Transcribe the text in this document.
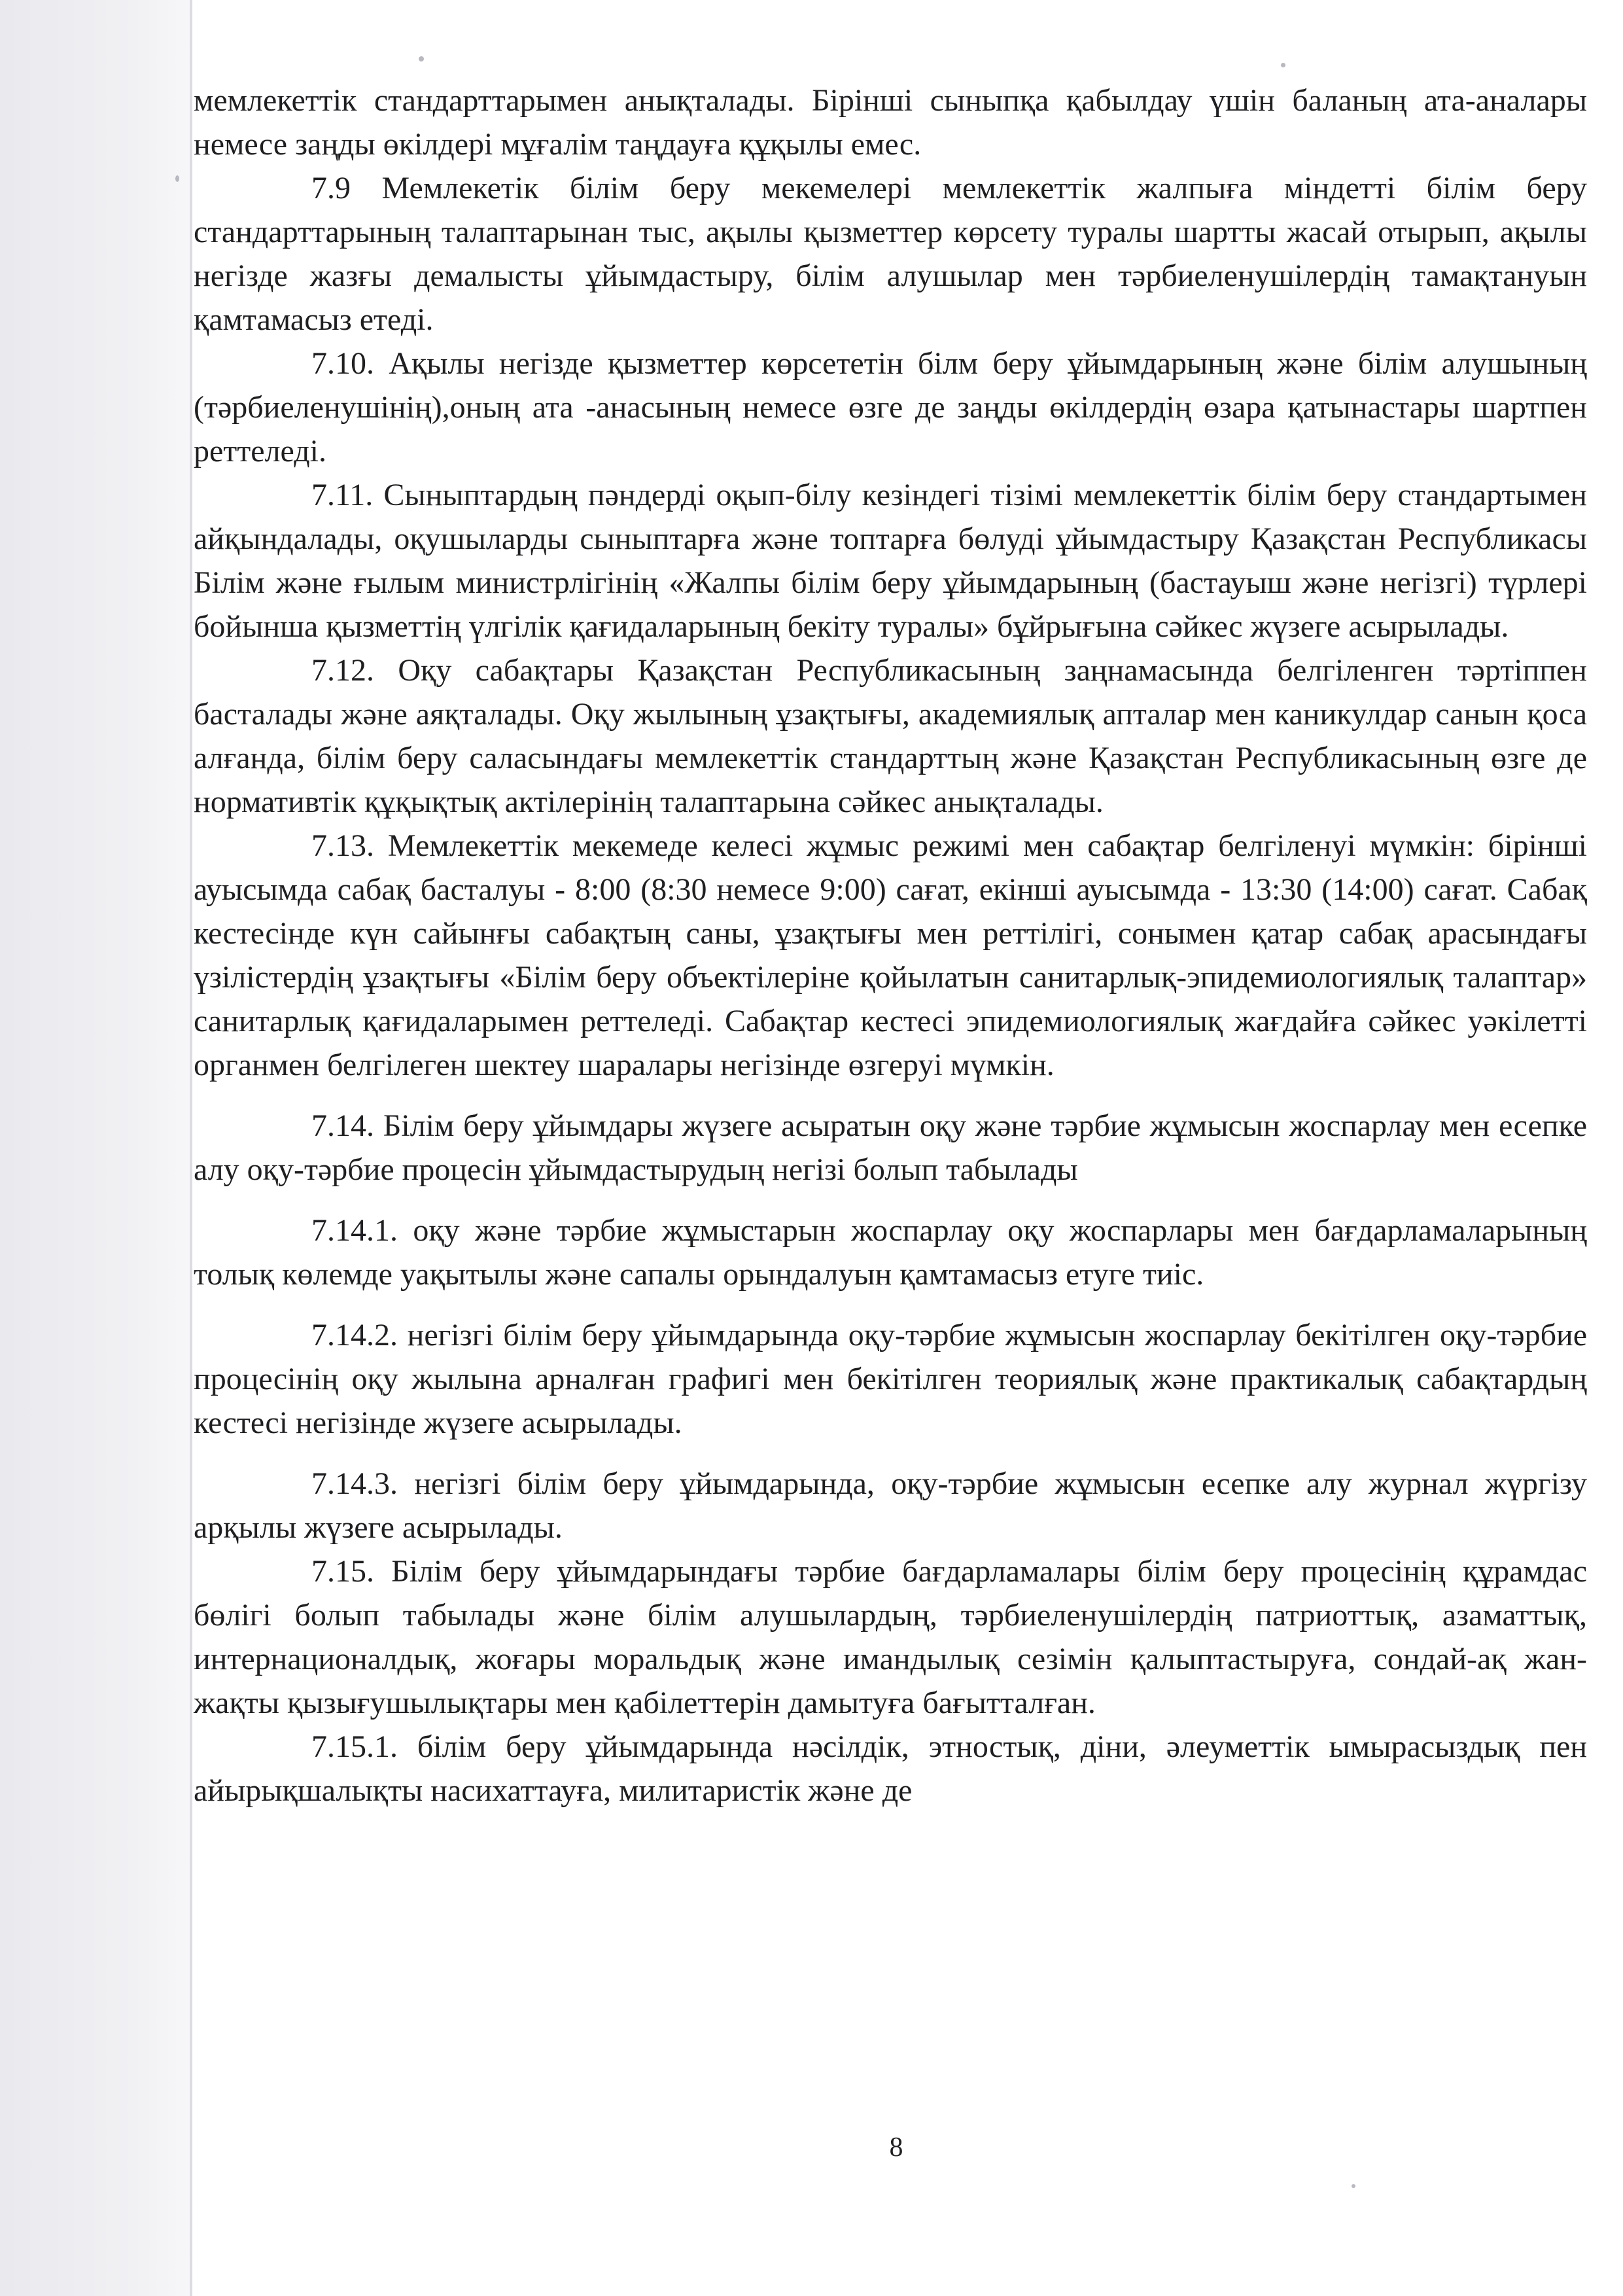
мемлекеттік стандарттарымен анықталады. Бірінші сыныпқа қабылдау үшін баланың ата-аналары немесе заңды өкілдері мұғалім таңдауға құқылы емес.

7.9 Мемлекетік білім беру мекемелері мемлекеттік жалпыға міндетті білім беру стандарттарының талаптарынан тыс, ақылы қызметтер көрсету туралы шартты жасай отырып, ақылы негізде жазғы демалысты ұйымдастыру, білім алушылар мен тәрбиеленушілердің тамақтануын қамтамасыз етеді.

7.10. Ақылы негізде қызметтер көрсететін білм беру ұйымдарының және білім алушының (тәрбиеленушінің),оның ата -анасының немесе өзге де заңды өкілдердің өзара қатынастары шартпен реттеледі.

7.11. Сыныптардың пәндерді оқып-білу кезіндегі тізімі мемлекеттік білім беру стандартымен айқындалады, оқушыларды сыныптарға және топтарға бөлуді ұйымдастыру Қазақстан Республикасы Білім және ғылым министрлігінің «Жалпы білім беру ұйымдарының (бастауыш және негізгі) түрлері бойынша қызметтің үлгілік қағидаларының бекіту туралы» бұйрығына сәйкес жүзеге асырылады.

7.12. Оқу сабақтары Қазақстан Республикасының заңнамасында белгіленген тәртіппен басталады және аяқталады. Оқу жылының ұзақтығы, академиялық апталар мен каникулдар санын қоса алғанда, білім беру саласындағы мемлекеттік стандарттың және Қазақстан Республикасының өзге де нормативтік құқықтық актілерінің талаптарына сәйкес анықталады.

7.13. Мемлекеттік мекемеде келесі жұмыс режимі мен сабақтар белгіленуі мүмкін: бірінші ауысымда сабақ басталуы - 8:00 (8:30 немесе 9:00) сағат, екінші ауысымда - 13:30 (14:00) сағат. Сабақ кестесінде күн сайынғы сабақтың саны, ұзақтығы мен реттілігі, сонымен қатар сабақ арасындағы үзілістердің ұзақтығы «Білім беру объектілеріне қойылатын санитарлық-эпидемиологиялық талаптар» санитарлық қағидаларымен реттеледі. Сабақтар кестесі эпидемиологиялық жағдайға сәйкес уәкілетті органмен белгілеген шектеу шаралары негізінде өзгеруі мүмкін.

7.14. Білім беру ұйымдары жүзеге асыратын оқу және тәрбие жұмысын жоспарлау мен есепке алу оқу-тәрбие процесін ұйымдастырудың негізі болып табылады

7.14.1. оқу және тәрбие жұмыстарын жоспарлау оқу жоспарлары мен бағдарламаларының толық көлемде уақытылы және сапалы орындалуын қамтамасыз етуге тиіс.

7.14.2. негізгі білім беру ұйымдарында оқу-тәрбие жұмысын жоспарлау бекітілген оқу-тәрбие процесінің оқу жылына арналған графигі мен бекітілген теориялық және практикалық сабақтардың кестесі негізінде жүзеге асырылады.

7.14.3. негізгі білім беру ұйымдарында, оқу-тәрбие жұмысын есепке алу журнал жүргізу арқылы жүзеге асырылады.

7.15. Білім беру ұйымдарындағы тәрбие бағдарламалары білім беру процесінің құрамдас бөлігі болып табылады және білім алушылардың, тәрбиеленушілердің патриоттық, азаматтық, интернационалдық, жоғары моральдық және имандылық сезімін қалыптастыруға, сондай-ақ жан-жақты қызығушылықтары мен қабілеттерін дамытуға бағытталған.

7.15.1. білім беру ұйымдарында нәсілдік, этностық, діни, әлеуметтік ымырасыздық пен айырықшалықты насихаттауға, милитаристік және де

8
